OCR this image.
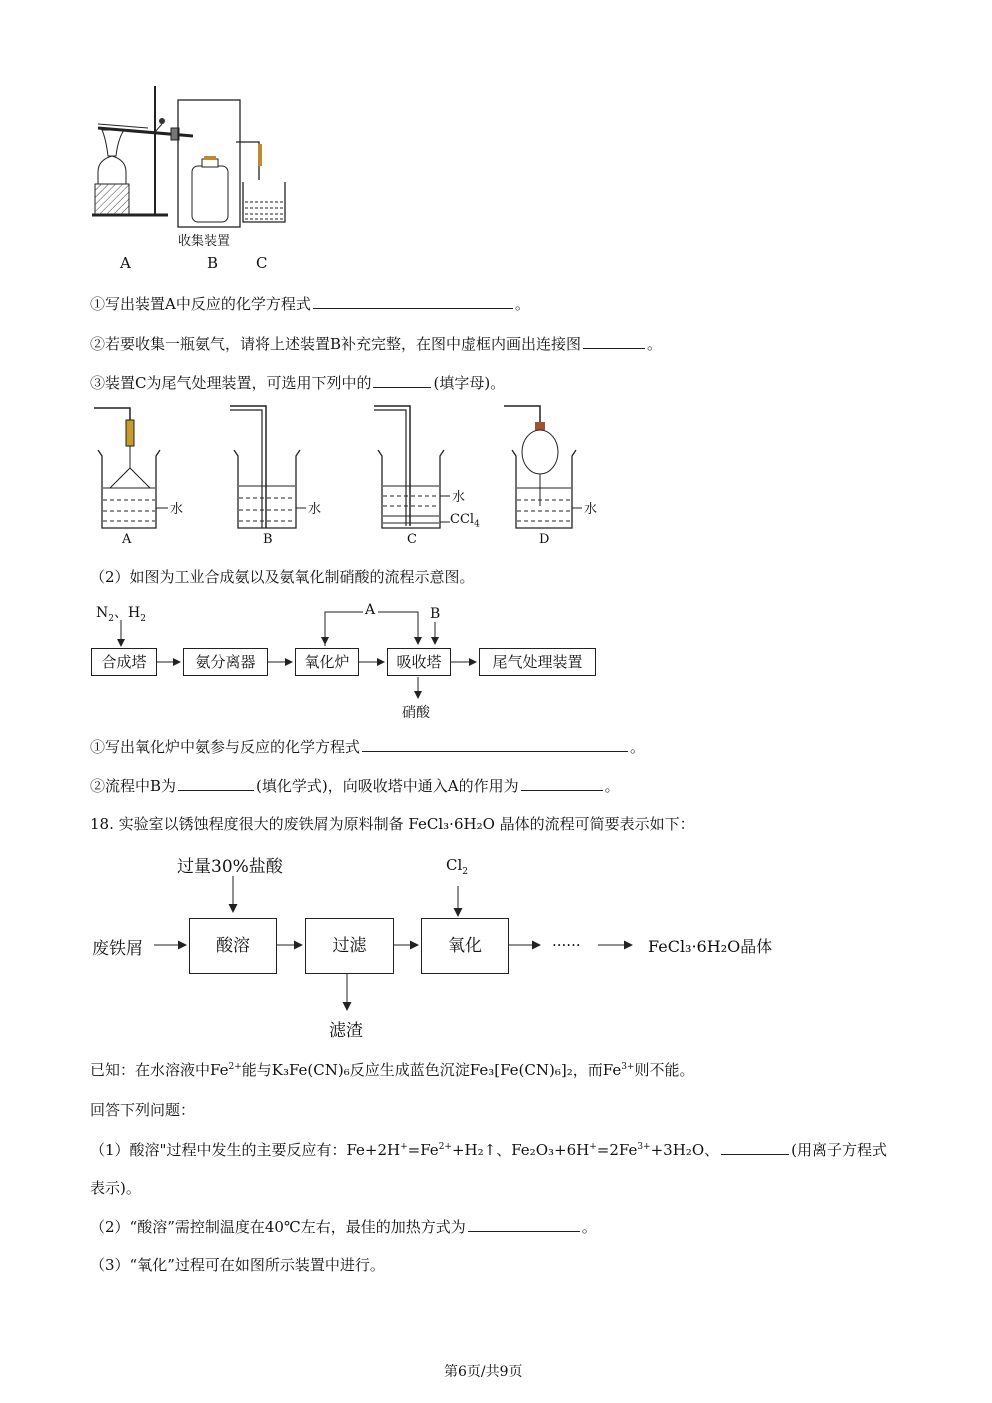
收集装置
A	B	C
①写出装置A中反应的化学方程式	。
②若要收集一瓶氨气，请将上述装置B补充完整，在图中虚框内画出连接图	。
③装置C为尾气处理装置，可选用下列中的	(填字母)。
水	水
水
CCl$_4$
水
A	B	C	D
（2）如图为工业合成氨以及氨氧化制硝酸的流程示意图。
$N_2$、$H_2$
A	B
合成塔	氨分离器	氧化炉	吸收塔	尾气处理装置
硝酸
①写出氧化炉中氨参与反应的化学方程式	。
②流程中B为	(填化学式)，向吸收塔中通入A的作用为	。
18. 实验室以锈蚀程度很大的废铁屑为原料制备 FeCl₃·6H₂O 晶体的流程可简要表示如下：
过量30%盐酸	$Cl_2$
废铁屑	酸溶	过滤	氧化	······	FeCl₃·6H₂O晶体
滤渣
已知：在水溶液中$Fe^{2+}$能与K₃Fe(CN)₆反应生成蓝色沉淀Fe₃[Fe(CN)₆]₂，而$Fe^{3+}$则不能。
回答下列问题：
（1）酸溶"过程中发生的主要反应有：$Fe+2H^+=Fe^{2+}+H_2↑$、$Fe_2O_3+6H^+=2Fe^{3+}+3H_2O$、	(用离子方程式
表示)。
（2）“酸溶”需控制温度在40℃左右，最佳的加热方式为	。
（3）“氧化”过程可在如图所示装置中进行。
第6页/共9页
